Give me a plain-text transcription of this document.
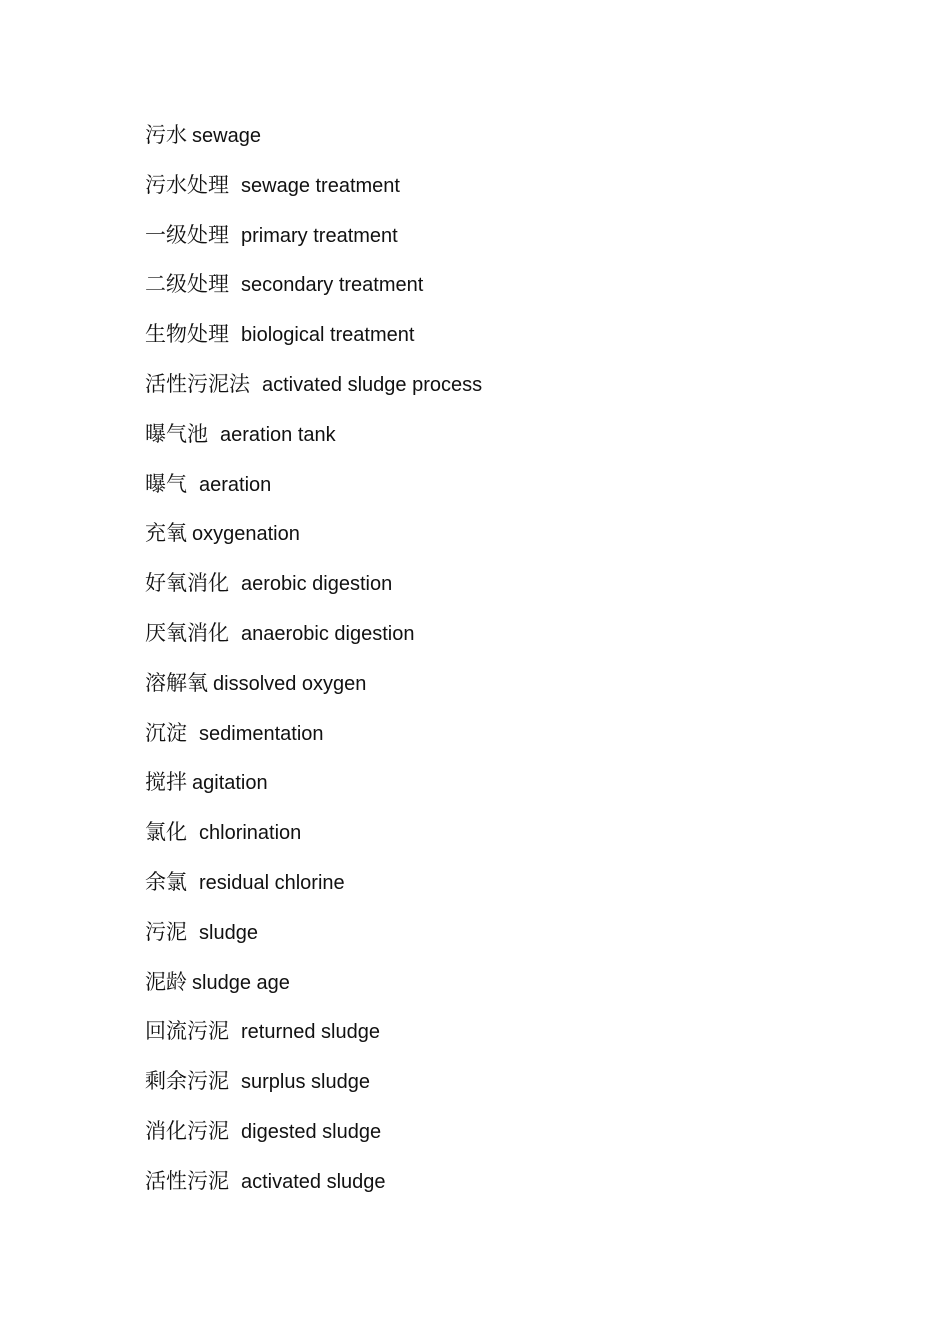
污水 sewage
污水处理 sewage treatment
一级处理 primary treatment
二级处理 secondary treatment
生物处理 biological treatment
活性污泥法 activated sludge process
曝气池 aeration tank
曝气 aeration
充氧 oxygenation
好氧消化 aerobic digestion
厌氧消化 anaerobic digestion
溶解氧 dissolved oxygen
沉淀 sedimentation
搅拌 agitation
氯化 chlorination
余氯 residual chlorine
污泥 sludge
泥龄 sludge age
回流污泥 returned sludge
剩余污泥 surplus sludge
消化污泥 digested sludge
活性污泥 activated sludge
